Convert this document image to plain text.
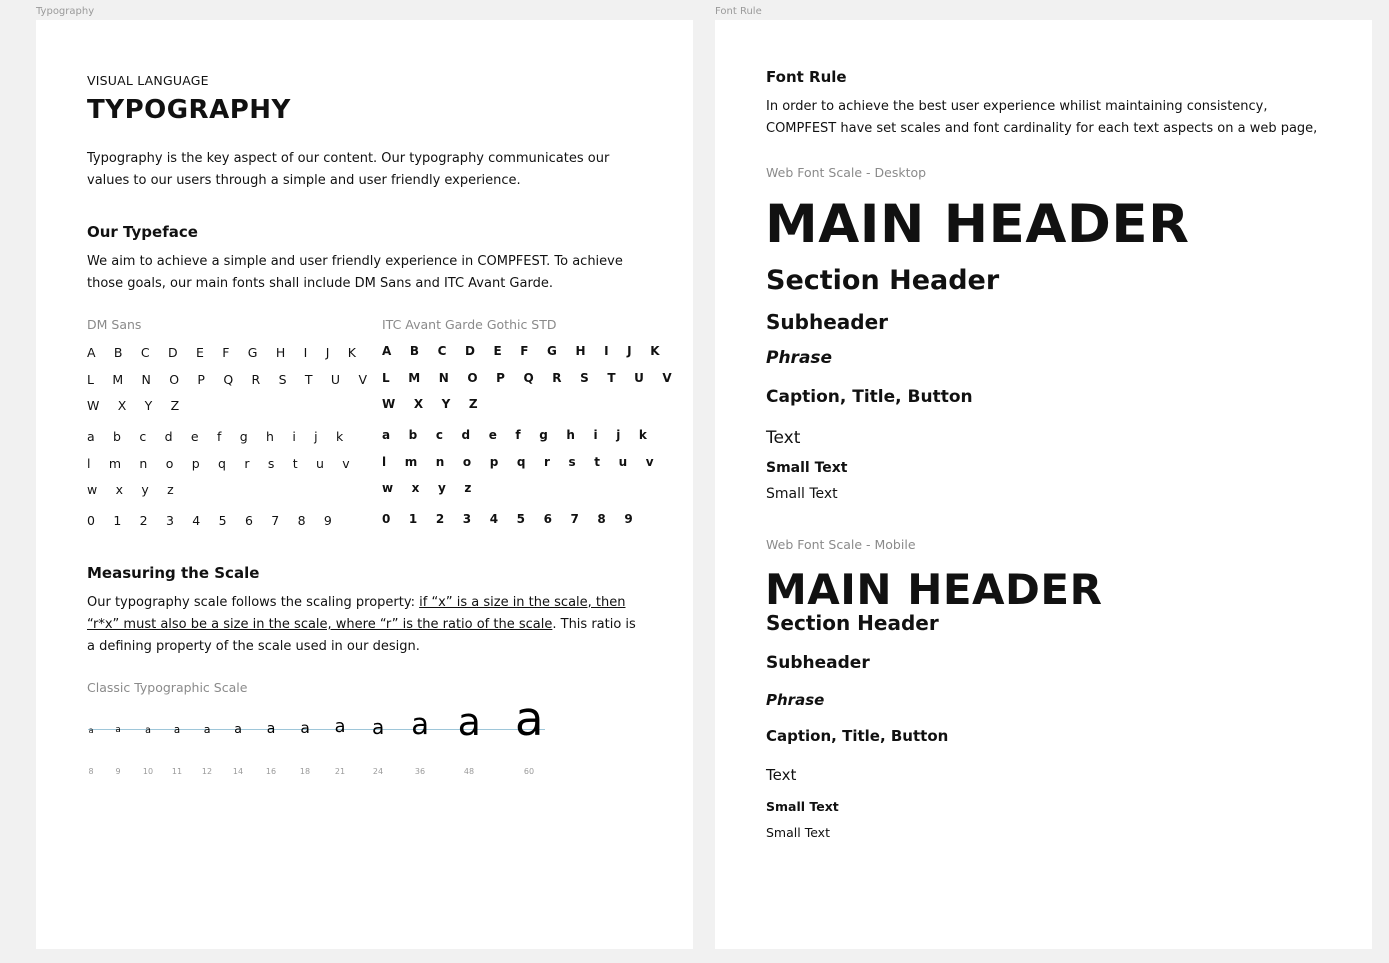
Typography	Font Rule

VISUAL LANGUAGE

TYPOGRAPHY

Typography is the key aspect of our content. Our typography communicates our values to our users through a simple and user friendly experience.

Our Typeface

We aim to achieve a simple and user friendly experience in COMPFEST. To achieve those goals, our main fonts shall include DM Sans and ITC Avant Garde.

DM Sans

A B C D E F G H I J K

L M N O P Q R S T U V

W X Y Z

a b c d e f g h i j k

l m n o p q r s t u v

w x y z

0 1 2 3 4 5 6 7 8 9

ITC Avant Garde Gothic STD

A B C D E F G H I J K

L M N O P Q R S T U V

W X Y Z

a b c d e f g h i j k

l m n o p q r s t u v

w x y z

0 1 2 3 4 5 6 7 8 9

Measuring the Scale

Our typography scale follows the scaling property: if “x” is a size in the scale, then “r*x” must also be a size in the scale, where “r” is the ratio of the scale. This ratio is a defining property of the scale used in our design.

Classic Typographic Scale

a
8
a
9
a
10
a
11
a
12
a
14
a
16
a
18
a
21
a
24
a
36
a
48
a
60

Font Rule

In order to achieve the best user experience whilist maintaining consistency, COMPFEST have set scales and font cardinality for each text aspects on a web page,

Web Font Scale - Desktop

MAIN HEADER

Section Header

Subheader

Phrase

Caption, Title, Button

Text

Small Text

Small Text

Web Font Scale - Mobile

MAIN HEADER

Section Header

Subheader

Phrase

Caption, Title, Button

Text

Small Text

Small Text
